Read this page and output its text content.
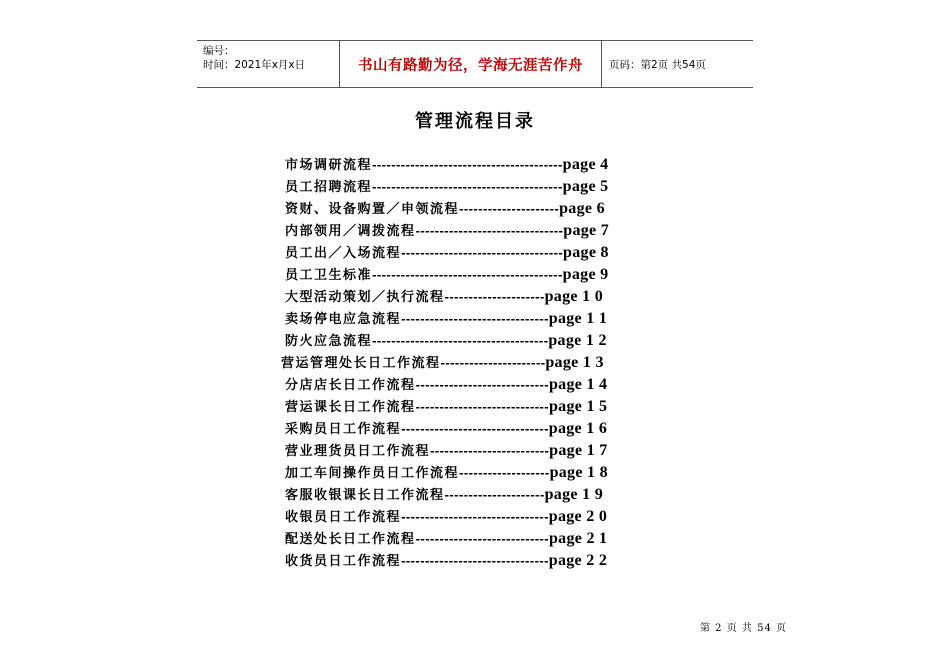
编号：
时间：2021年x月x日	书山有路勤为径，学海无涯苦作舟	页码：第2页 共54页
管理流程目录
市场调研流程 ---------------------------------------- page 4
员工招聘流程 ---------------------------------------- page 5
资财、设备购置／申领流程 --------------------- page 6
内部领用／调拨流程 ------------------------------- page 7
员工出／入场流程 ---------------------------------- page 8
员工卫生标准 ---------------------------------------- page 9
大型活动策划／执行流程 --------------------- page 1 0
卖场停电应急流程 ------------------------------- page 1 1
防火应急流程 ------------------------------------- page 1 2
营运管理处长日工作流程 ---------------------- page 1 3
分店店长日工作流程 ---------------------------- page 1 4
营运课长日工作流程 ---------------------------- page 1 5
采购员日工作流程 ------------------------------- page 1 6
营业理货员日工作流程 ------------------------- page 1 7
加工车间操作员日工作流程 ------------------- page 1 8
客服收银课长日工作流程 --------------------- page 1 9
收银员日工作流程 ------------------------------- page 2 0
配送处长日工作流程 ---------------------------- page 2 1
收货员日工作流程 ------------------------------- page 2 2
第 2 页 共 54 页
